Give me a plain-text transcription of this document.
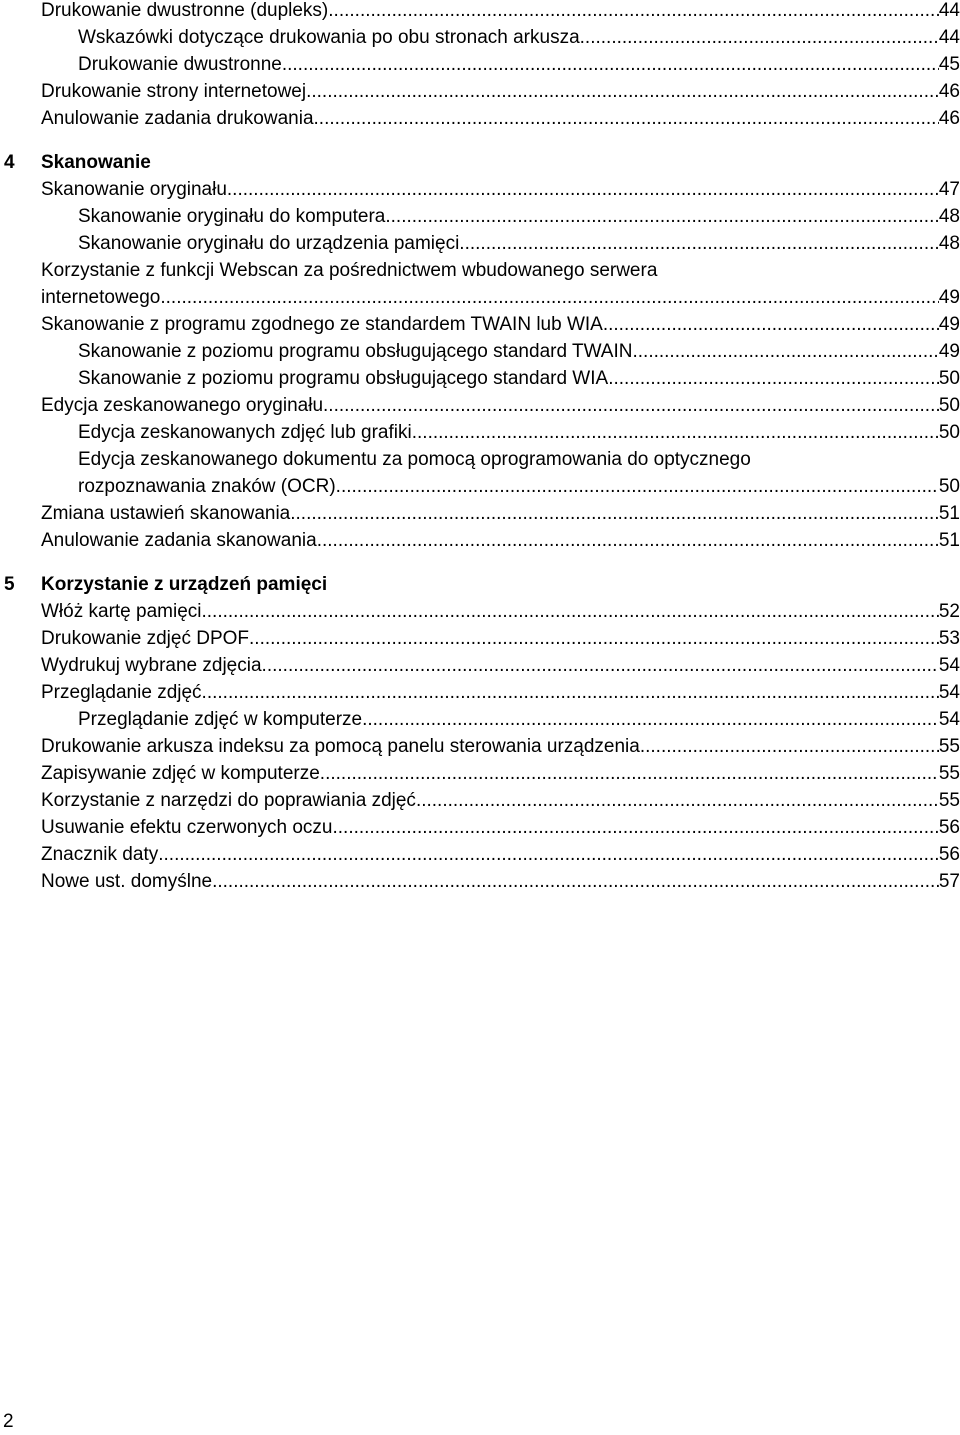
Drukowanie dwustronne (dupleks) .....	44
Wskazówki dotyczące drukowania po obu stronach arkusza .....	44
Drukowanie dwustronne .....	45
Drukowanie strony internetowej .....	46
Anulowanie zadania drukowania .....	46
4	Skanowanie
Skanowanie oryginału .....	47
Skanowanie oryginału do komputera .....	48
Skanowanie oryginału do urządzenia pamięci .....	48
Korzystanie z funkcji Webscan za pośrednictwem wbudowanego serwera
internetowego .....	49
Skanowanie z programu zgodnego ze standardem TWAIN lub WIA .....	49
Skanowanie z poziomu programu obsługującego standard TWAIN .....	49
Skanowanie z poziomu programu obsługującego standard WIA .....	50
Edycja zeskanowanego oryginału .....	50
Edycja zeskanowanych zdjęć lub grafiki .....	50
Edycja zeskanowanego dokumentu za pomocą oprogramowania do optycznego
rozpoznawania znaków (OCR) .....	50
Zmiana ustawień skanowania .....	51
Anulowanie zadania skanowania .....	51
5	Korzystanie z urządzeń pamięci
Włóż kartę pamięci .....	52
Drukowanie zdjęć DPOF .....	53
Wydrukuj wybrane zdjęcia .....	54
Przeglądanie zdjęć .....	54
Przeglądanie zdjęć w komputerze .....	54
Drukowanie arkusza indeksu za pomocą panelu sterowania urządzenia .....	55
Zapisywanie zdjęć w komputerze .....	55
Korzystanie z narzędzi do poprawiania zdjęć .....	55
Usuwanie efektu czerwonych oczu .....	56
Znacznik daty .....	56
Nowe ust. domyślne .....	57
2
